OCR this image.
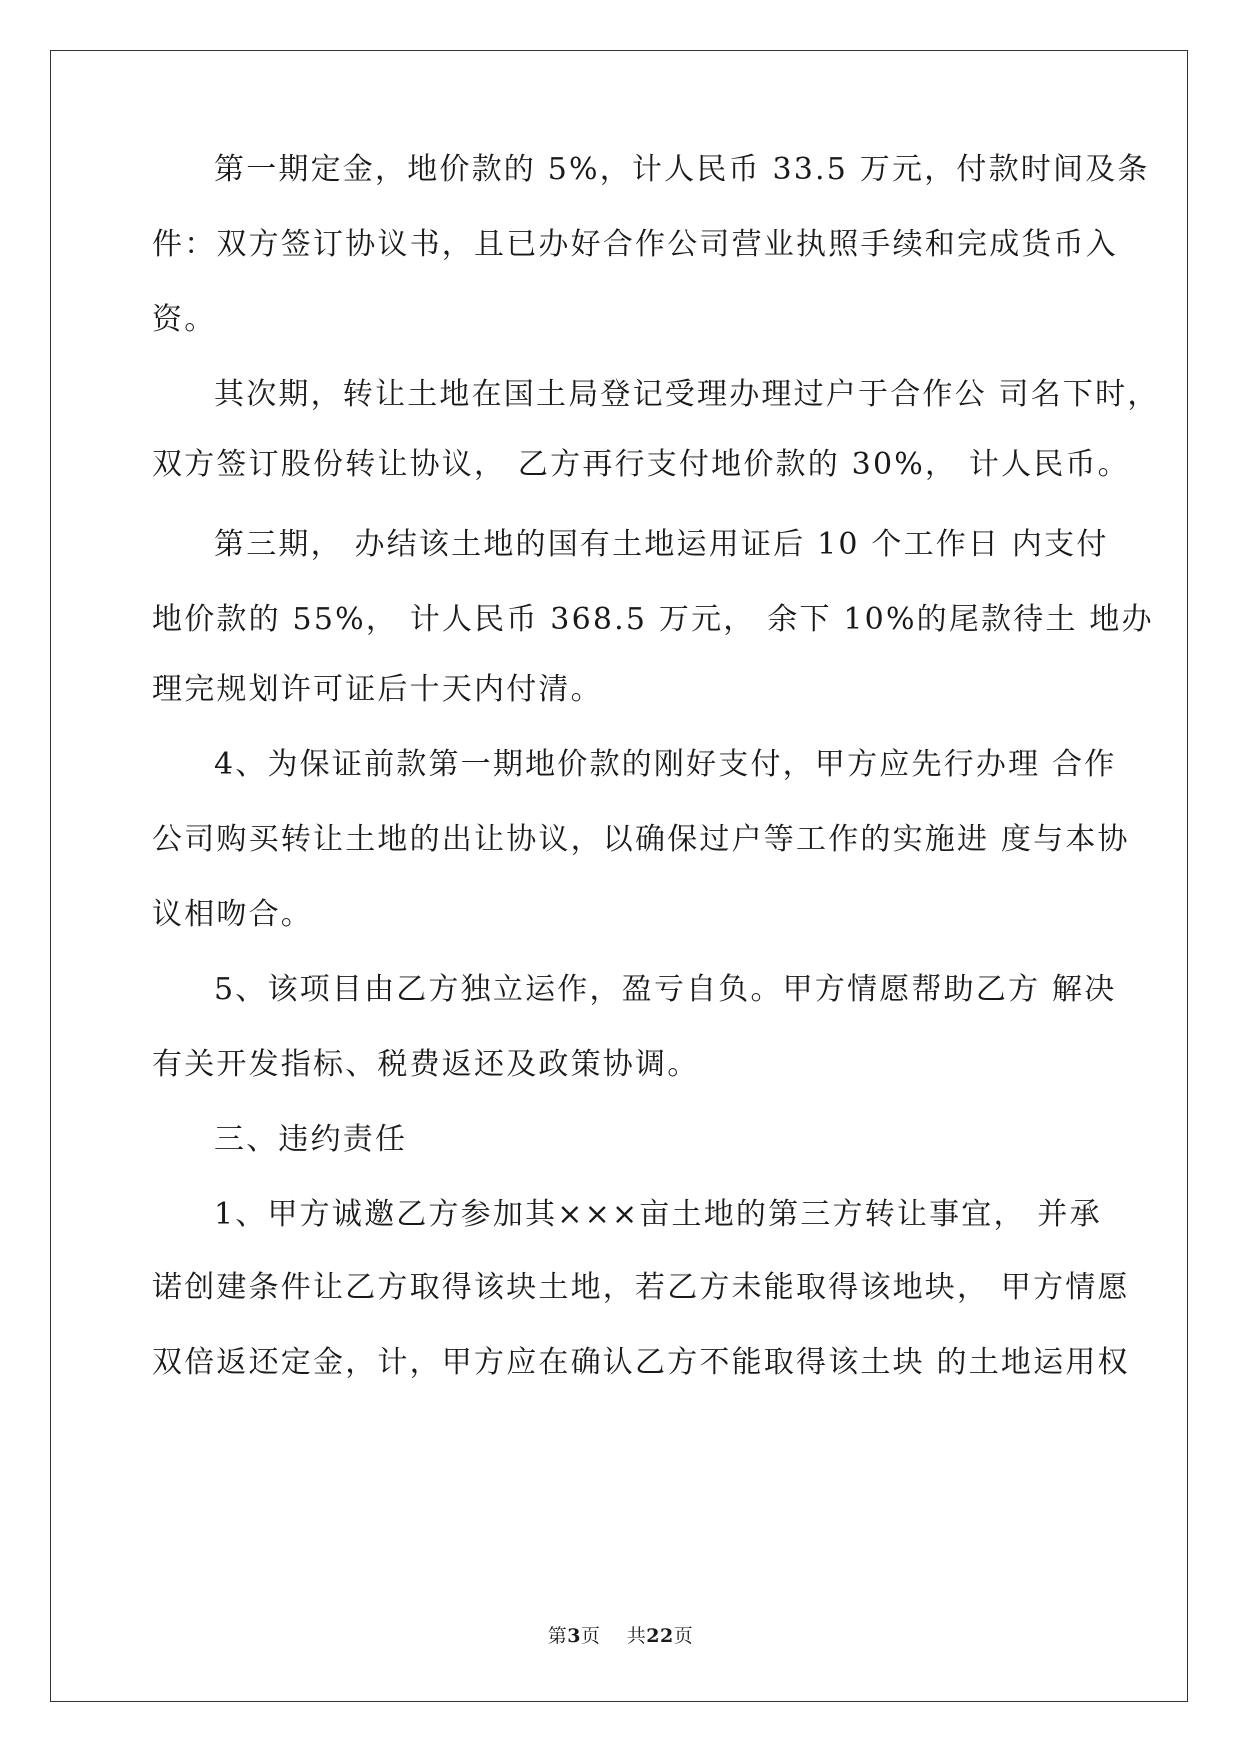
第一期定金，地价款的 5%，计人民币 33.5 万元，付款时间及条
件：双方签订协议书，且已办好合作公司营业执照手续和完成货币入
资。
其次期，转让土地在国土局登记受理办理过户于合作公 司名下时，
双方签订股份转让协议， 乙方再行支付地价款的 30%， 计人民币。
第三期， 办结该土地的国有土地运用证后 10 个工作日 内支付
地价款的 55%， 计人民币 368.5 万元， 余下 10%的尾款待土 地办
理完规划许可证后十天内付清。
4、为保证前款第一期地价款的刚好支付，甲方应先行办理 合作
公司购买转让土地的出让协议，以确保过户等工作的实施进 度与本协
议相吻合。
5、该项目由乙方独立运作，盈亏自负。甲方情愿帮助乙方 解决
有关开发指标、税费返还及政策协调。
三、违约责任
1、甲方诚邀乙方参加其×××亩土地的第三方转让事宜， 并承
诺创建条件让乙方取得该块土地，若乙方未能取得该地块， 甲方情愿
双倍返还定金，计，甲方应在确认乙方不能取得该土块 的土地运用权
第3页 共22页
